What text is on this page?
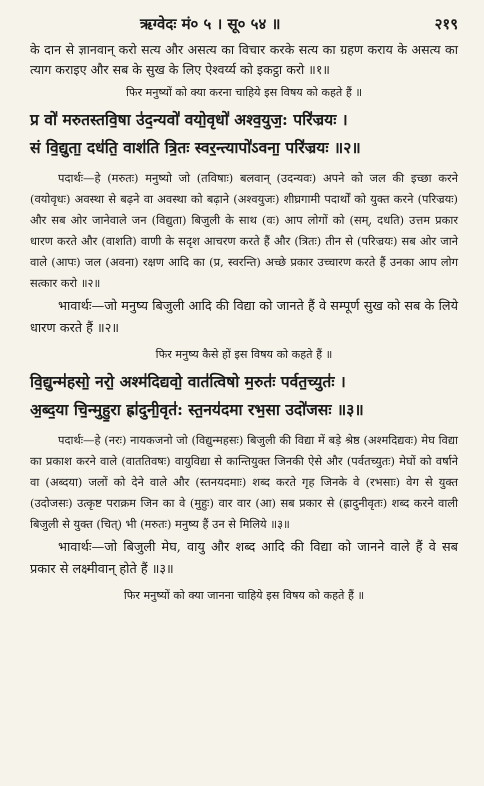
ऋग्वेदः मं० ५ । सू० ५४ ॥	२१९

के दान से ज्ञानवान् करो सत्य और असत्य का विचार करके सत्य का ग्रहण कराय के असत्य का त्याग कराइए और सब के सुख के लिए ऐश्वर्य्य को इकट्ठा करो ॥१॥

फिर मनुष्यों को क्या करना चाहिये इस विषय को कहते हैं ॥

प्र वो॑ मरुतस्तवि॒षा उ॑द॒न्यवो॑ वयो॒वृधो॑ अश्व॒युज॒: परि॑ज्रयः ।

सं वि॒द्युता॒ दध॑ति॒ वाश॑ति त्रि॒तः स्वर॒न्त्यापो॑ऽवना॒ परि॑ज्रयः ॥२॥

पदार्थः—हे (मरुतः) मनुष्यो जो (तविषाः) बलवान् (उदन्यवः) अपने को जल की इच्छा करने (वयोवृधः) अवस्था से बढ़ने वा अवस्था को बढ़ाने (अश्वयुजः) शीघ्रगामी पदार्थों को युक्त करने (परिज्रयः) और सब ओर जानेवाले जन (विद्युता) बिजुली के साथ (वः) आप लोगों को (सम्, दधति) उत्तम प्रकार धारण करते और (वाशति) वाणी के सदृश आचरण करते हैं और (त्रितः) तीन से (परिज्रयः) सब ओर जाने वाले (आपः) जल (अवना) रक्षण आदि का (प्र, स्वरन्ति) अच्छे प्रकार उच्चारण करते हैं उनका आप लोग सत्कार करो ॥२॥

भावार्थः—जो मनुष्य बिजुली आदि की विद्या को जानते हैं वे सम्पूर्ण सुख को सब के लिये धारण करते हैं ॥२॥

फिर मनुष्य कैसे हों इस विषय को कहते हैं ॥

वि॒द्युन्म॑हसो॒ नरो॒ अश्म॑दिद्यवो॒ वात॑त्विषो म॒रुतः॑ पर्वत॒च्युतः॑ ।

अ॒ब्द॒या चि॒न्मुहु॒रा ह्रा॑दुनी॒वृत॑: स्त॒नय॑दमा रभ॒सा उदो॑जसः ॥३॥

पदार्थः—हे (नरः) नायकजनो जो (विद्युन्महसः) बिजुली की विद्या में बड़े श्रेष्ठ (अश्मदिद्यवः) मेघ विद्या का प्रकाश करने वाले (वाततिवषः) वायुविद्या से कान्तियुक्त जिनकी ऐसे और (पर्वतच्युतः) मेघों को वर्षाने वा (अब्दया) जलों को देने वाले और (स्तनयदमाः) शब्द करते गृह जिनके वे (रभसाः) वेग से युक्त (उदोजसः) उत्कृष्ट पराक्रम जिन का वे (मुहुः) वार वार (आ) सब प्रकार से (ह्रादुनीवृतः) शब्द करने वाली बिजुली से युक्त (चित्) भी (मरुतः) मनुष्य हैं उन से मिलिये ॥३॥

भावार्थः—जो बिजुली मेघ, वायु और शब्द आदि की विद्या को जानने वाले हैं वे सब प्रकार से लक्ष्मीवान् होते हैं ॥३॥

फिर मनुष्यों को क्या जानना चाहिये इस विषय को कहते हैं ॥
